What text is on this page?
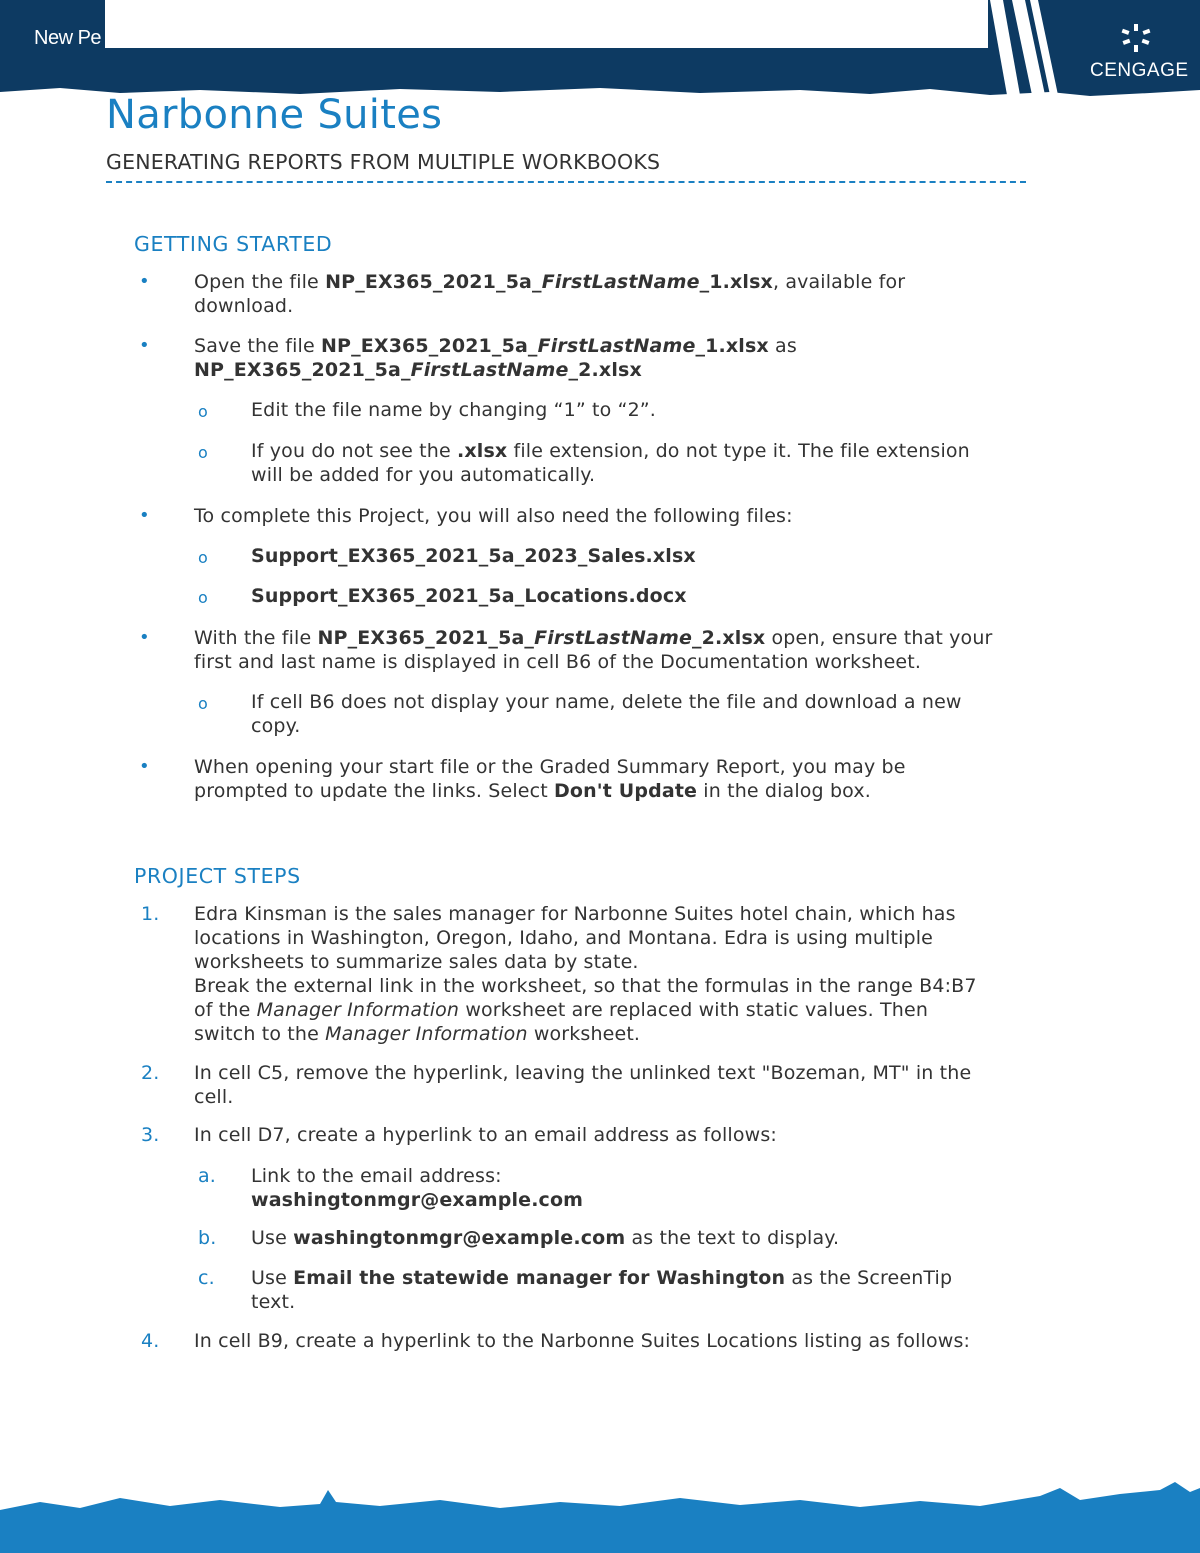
New Pe
CENGAGE
Narbonne Suites
GENERATING REPORTS FROM MULTIPLE WORKBOOKS
GETTING STARTED
• Open the file NP_EX365_2021_5a_FirstLastName_1.xlsx, available for download.
• Save the file NP_EX365_2021_5a_FirstLastName_1.xlsx as
NP_EX365_2021_5a_FirstLastName_2.xlsx
o Edit the file name by changing “1” to “2”.
o If you do not see the .xlsx file extension, do not type it. The file extension will be added for you automatically.
• To complete this Project, you will also need the following files:
o Support_EX365_2021_5a_2023_Sales.xlsx
o Support_EX365_2021_5a_Locations.docx
• With the file NP_EX365_2021_5a_FirstLastName_2.xlsx open, ensure that your first and last name is displayed in cell B6 of the Documentation worksheet.
o If cell B6 does not display your name, delete the file and download a new copy.
• When opening your start file or the Graded Summary Report, you may be prompted to update the links. Select Don't Update in the dialog box.
PROJECT STEPS
1. Edra Kinsman is the sales manager for Narbonne Suites hotel chain, which has locations in Washington, Oregon, Idaho, and Montana. Edra is using multiple worksheets to summarize sales data by state.
Break the external link in the worksheet, so that the formulas in the range B4:B7 of the Manager Information worksheet are replaced with static values. Then switch to the Manager Information worksheet.
2. In cell C5, remove the hyperlink, leaving the unlinked text "Bozeman, MT" in the cell.
3. In cell D7, create a hyperlink to an email address as follows:
a. Link to the email address:
washingtonmgr@example.com
b. Use washingtonmgr@example.com as the text to display.
c. Use Email the statewide manager for Washington as the ScreenTip text.
4. In cell B9, create a hyperlink to the Narbonne Suites Locations listing as follows:
